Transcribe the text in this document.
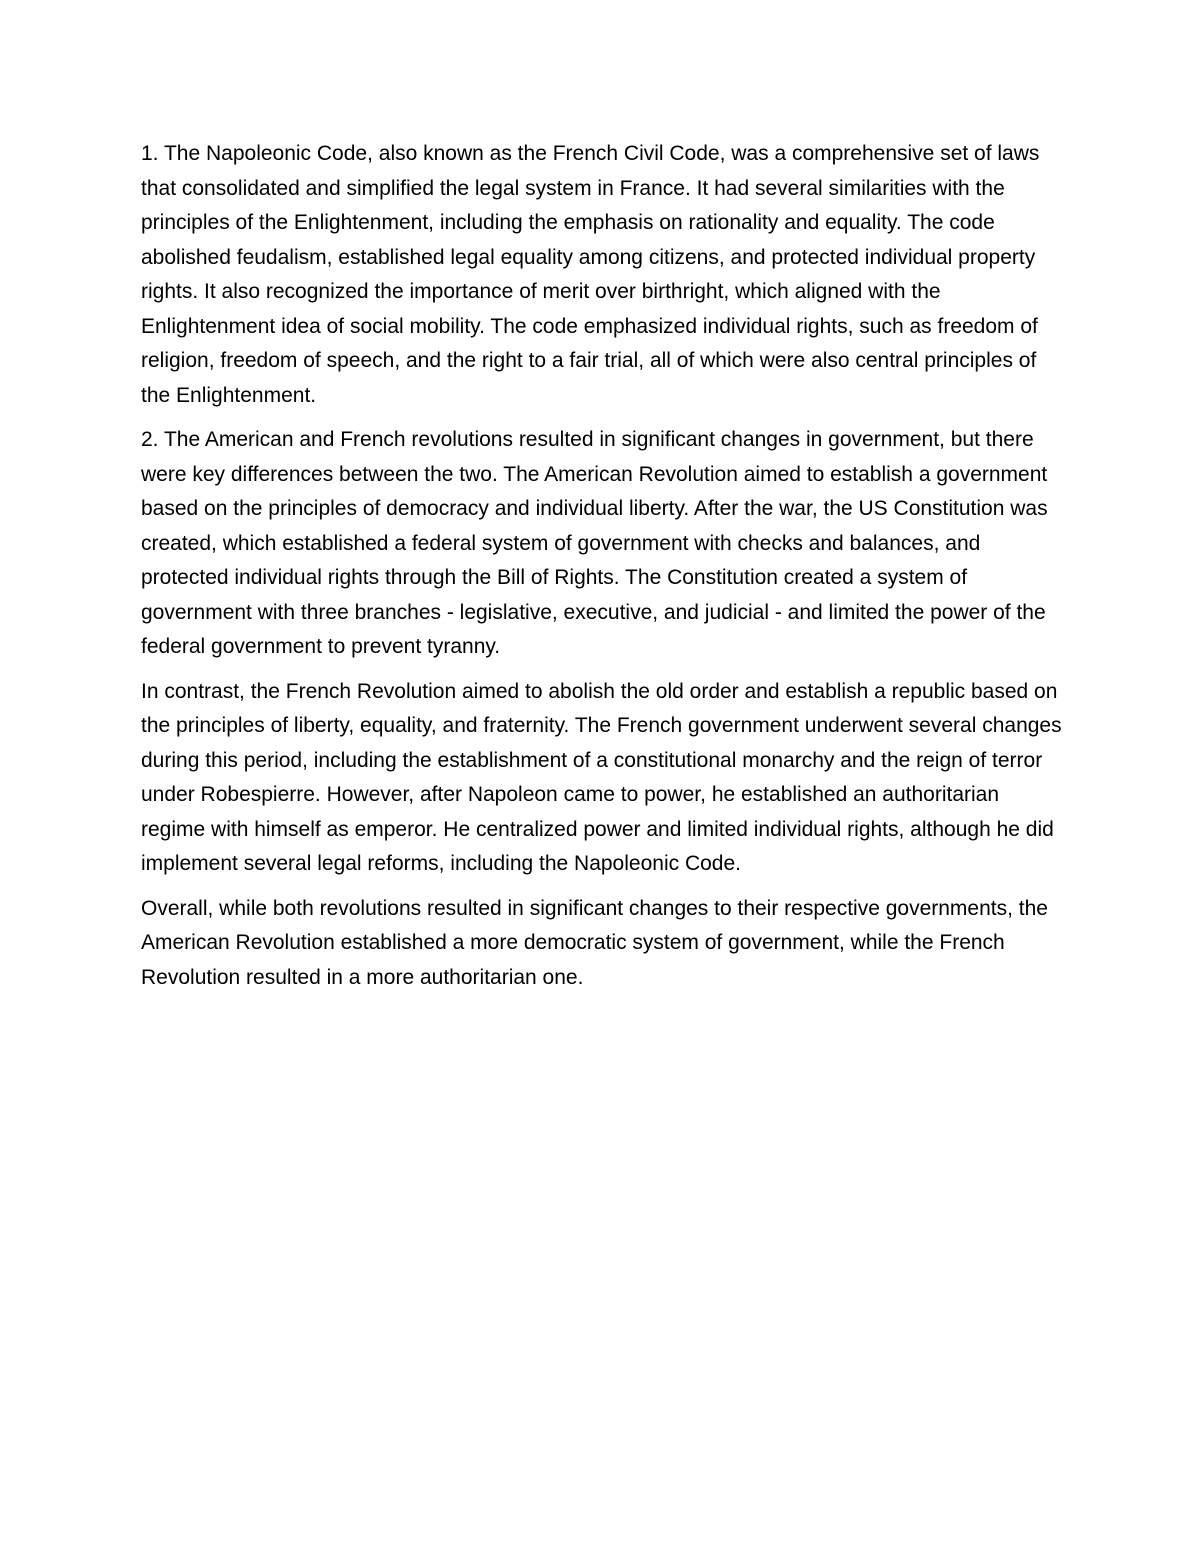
1. The Napoleonic Code, also known as the French Civil Code, was a comprehensive set of laws that consolidated and simplified the legal system in France. It had several similarities with the principles of the Enlightenment, including the emphasis on rationality and equality. The code abolished feudalism, established legal equality among citizens, and protected individual property rights. It also recognized the importance of merit over birthright, which aligned with the Enlightenment idea of social mobility. The code emphasized individual rights, such as freedom of religion, freedom of speech, and the right to a fair trial, all of which were also central principles of the Enlightenment.

2. The American and French revolutions resulted in significant changes in government, but there were key differences between the two. The American Revolution aimed to establish a government based on the principles of democracy and individual liberty. After the war, the US Constitution was created, which established a federal system of government with checks and balances, and protected individual rights through the Bill of Rights. The Constitution created a system of government with three branches - legislative, executive, and judicial - and limited the power of the federal government to prevent tyranny.

In contrast, the French Revolution aimed to abolish the old order and establish a republic based on the principles of liberty, equality, and fraternity. The French government underwent several changes during this period, including the establishment of a constitutional monarchy and the reign of terror under Robespierre. However, after Napoleon came to power, he established an authoritarian regime with himself as emperor. He centralized power and limited individual rights, although he did implement several legal reforms, including the Napoleonic Code.

Overall, while both revolutions resulted in significant changes to their respective governments, the American Revolution established a more democratic system of government, while the French Revolution resulted in a more authoritarian one.
